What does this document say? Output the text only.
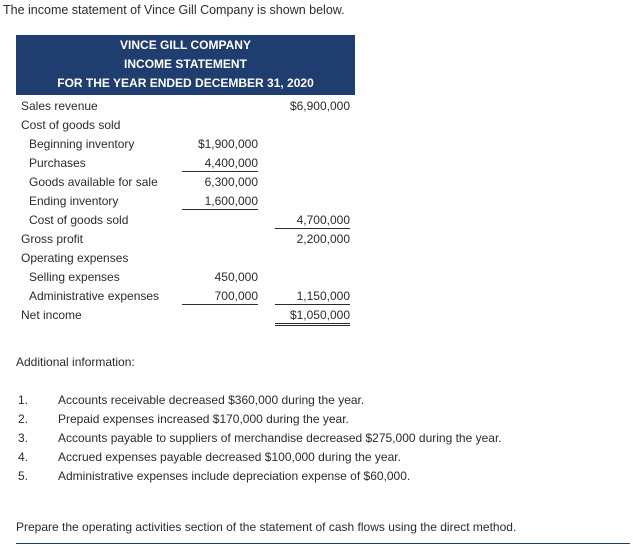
The income statement of Vince Gill Company is shown below.
VINCE GILL COMPANY
INCOME STATEMENT
FOR THE YEAR ENDED DECEMBER 31, 2020
Sales revenue	$6,900,000
Cost of goods sold
Beginning inventory	$1,900,000
Purchases	4,400,000
Goods available for sale	6,300,000
Ending inventory	1,600,000
Cost of goods sold	4,700,000
Gross profit	2,200,000
Operating expenses
Selling expenses	450,000
Administrative expenses	700,000	1,150,000
Net income	$1,050,000
Additional information:
1.	Accounts receivable decreased $360,000 during the year.
2.	Prepaid expenses increased $170,000 during the year.
3.	Accounts payable to suppliers of merchandise decreased $275,000 during the year.
4.	Accrued expenses payable decreased $100,000 during the year.
5.	Administrative expenses include depreciation expense of $60,000.
Prepare the operating activities section of the statement of cash flows using the direct method.
